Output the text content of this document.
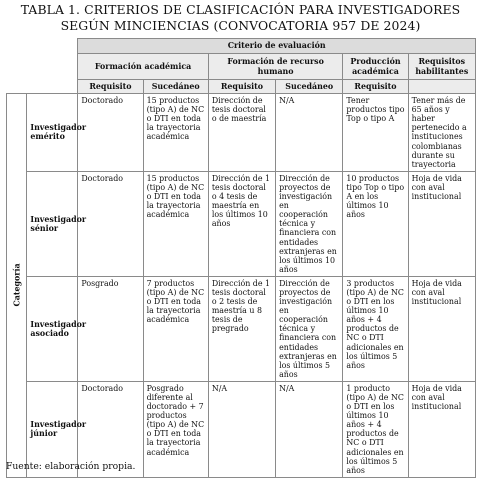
TABLA 1. CRITERIOS DE CLASIFICACIÓN PARA INVESTIGADORES SEGÚN MINCIENCIAS (CONVOCATORIA 957 DE 2024)
		Criterio de evaluación					
		Formación académica		Formación de recurso humano		Producción académica	Requisitos habilitantes
		Requisito	Sucedáneo	Requisito	Sucedáneo	Requisito	

Categoría	Investigador emérito	Doctorado	15 productos (tipo A) de NC o DTI en toda la trayectoria académica	Dirección de tesis doctoral o de maestría	N/A	Tener productos tipo Top o tipo A	Tener más de 65 años y haber pertenecido a instituciones colombianas durante su trayectoria
	Investigador sénior	Doctorado	15 productos (tipo A) de NC o DTI en toda la trayectoria académica	Dirección de 1 tesis doctoral o 4 tesis de maestría en los últimos 10 años	Dirección de proyectos de investigación en cooperación técnica y financiera con entidades extranjeras en los últimos 10 años	10 productos tipo Top o tipo A en los últimos 10 años	Hoja de vida con aval institucional
	Investigador asociado	Posgrado	7 productos (tipo A) de NC o DTI en toda la trayectoria académica	Dirección de 1 tesis doctoral o 2 tesis de maestría u 8 tesis de pregrado	Dirección de proyectos de investigación en cooperación técnica y financiera con entidades extranjeras en los últimos 5 años	3 productos (tipo A) de NC o DTI en los últimos 10 años + 4 productos de NC o DTI adicionales en los últimos 5 años	Hoja de vida con aval institucional
	Investigador júnior	Doctorado	Posgrado diferente al doctorado + 7 productos (tipo A) de NC o DTI en toda la trayectoria académica	N/A	N/A	1 producto (tipo A) de NC o DTI en los últimos 10 años + 4 productos de NC o DTI adicionales en los últimos 5 años	Hoja de vida con aval institucional
Fuente: elaboración propia.
